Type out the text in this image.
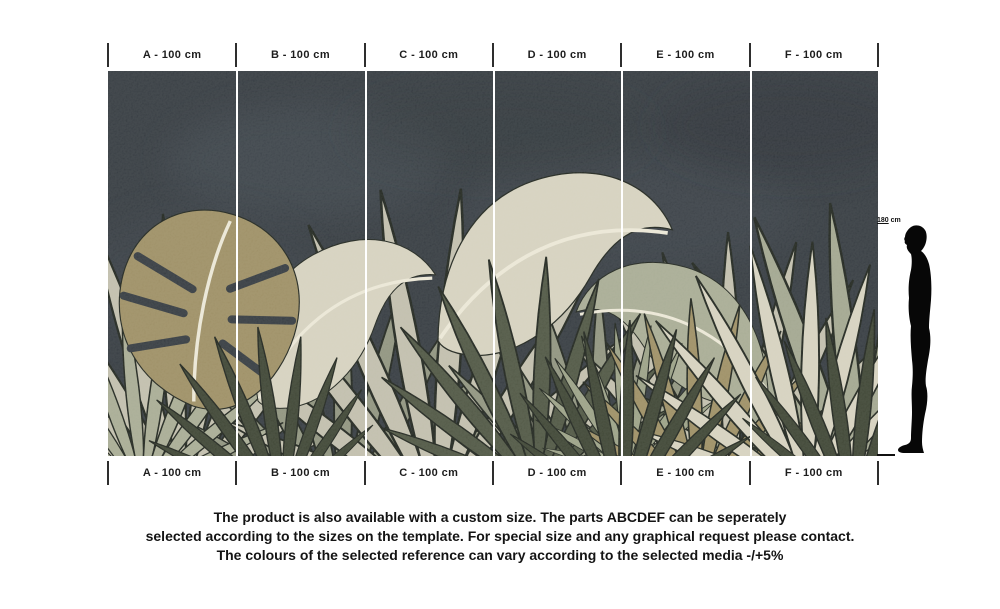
A - 100 cm	B - 100 cm	C - 100 cm	D - 100 cm	E - 100 cm	F - 100 cm
A - 100 cm	B - 100 cm	C - 100 cm	D - 100 cm	E - 100 cm	F - 100 cm
180 cm
The product is also available with a custom size. The parts ABCDEF can be seperately
selected according to the sizes on the template. For special size and any graphical request please contact.
The colours of the selected reference can vary according to the selected media -/+5%
